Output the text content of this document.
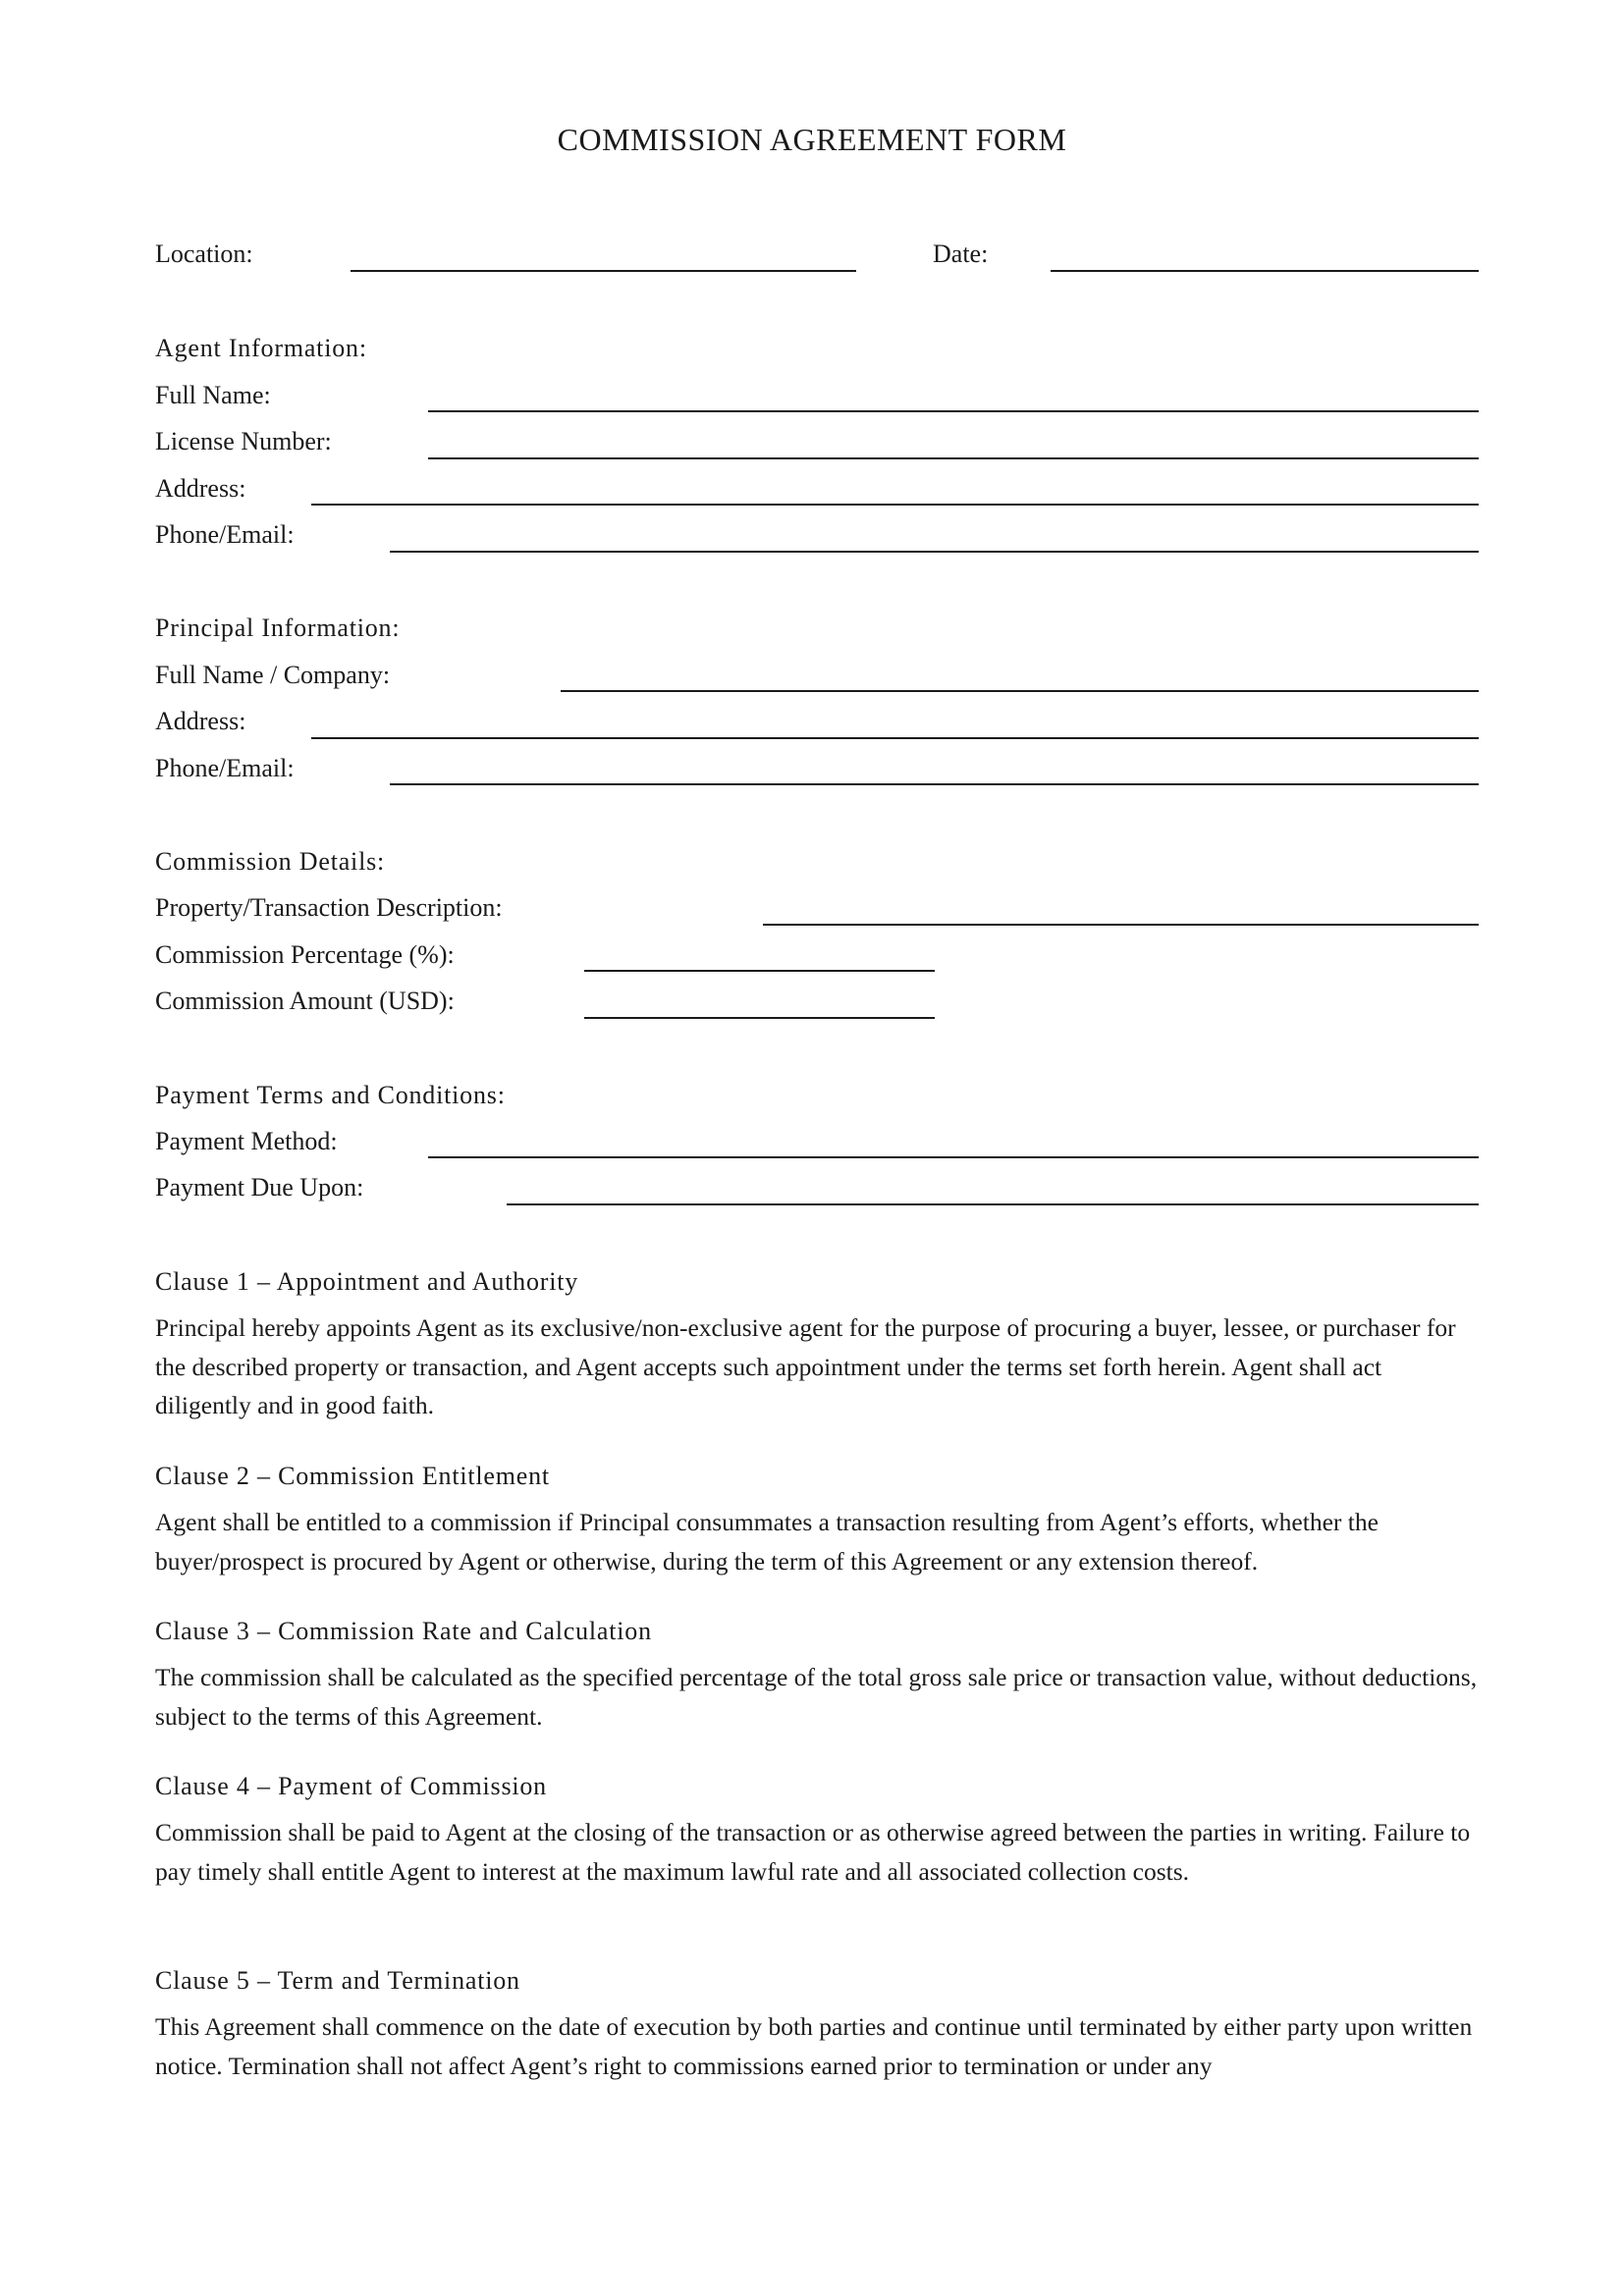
COMMISSION AGREEMENT FORM
Location:	Date:
Agent Information:
Full Name:
License Number:
Address:
Phone/Email:
Principal Information:
Full Name / Company:
Address:
Phone/Email:
Commission Details:
Property/Transaction Description:
Commission Percentage (%):
Commission Amount (USD):
Payment Terms and Conditions:
Payment Method:
Payment Due Upon:
Clause 1 – Appointment and Authority
Principal hereby appoints Agent as its exclusive/non-exclusive agent for the purpose of procuring a buyer, lessee, or purchaser for the described property or transaction, and Agent accepts such appointment under the terms set forth herein. Agent shall act diligently and in good faith.
Clause 2 – Commission Entitlement
Agent shall be entitled to a commission if Principal consummates a transaction resulting from Agent’s efforts, whether the buyer/prospect is procured by Agent or otherwise, during the term of this Agreement or any extension thereof.
Clause 3 – Commission Rate and Calculation
The commission shall be calculated as the specified percentage of the total gross sale price or transaction value, without deductions, subject to the terms of this Agreement.
Clause 4 – Payment of Commission
Commission shall be paid to Agent at the closing of the transaction or as otherwise agreed between the parties in writing. Failure to pay timely shall entitle Agent to interest at the maximum lawful rate and all associated collection costs.
Clause 5 – Term and Termination
This Agreement shall commence on the date of execution by both parties and continue until terminated by either party upon written notice. Termination shall not affect Agent’s right to commissions earned prior to termination or under any
